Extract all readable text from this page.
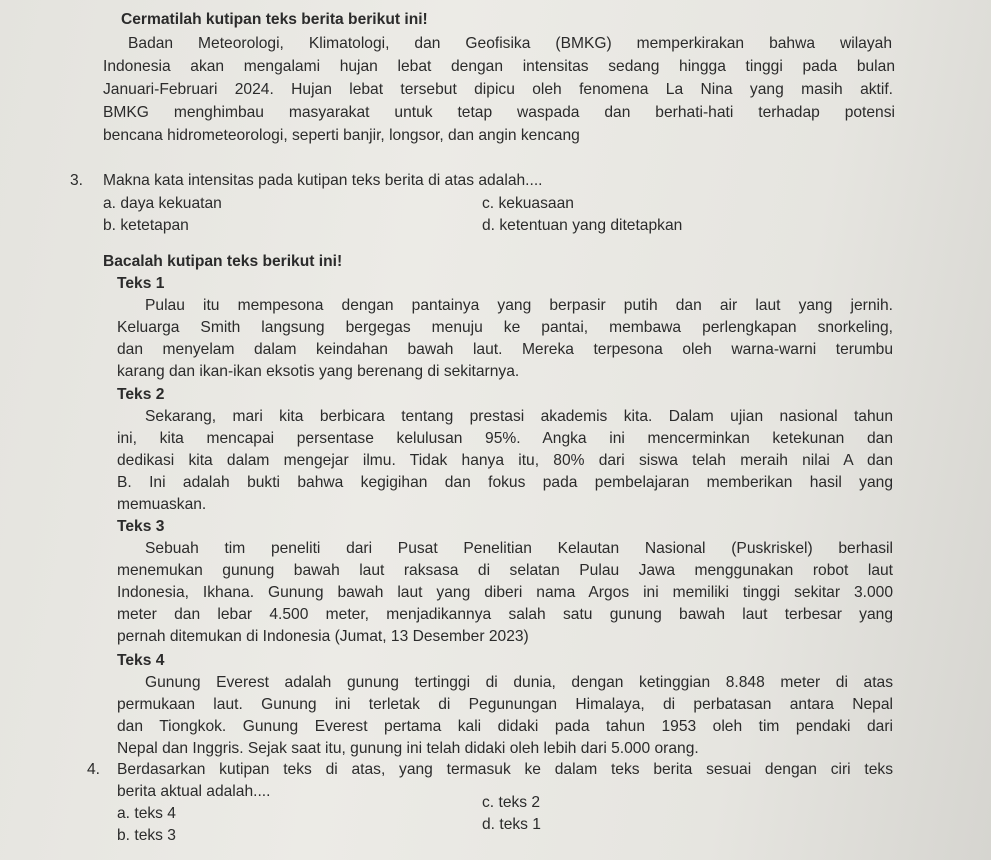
Cermatilah kutipan teks berita berikut ini!
Badan Meteorologi, Klimatologi, dan Geofisika (BMKG) memperkirakan bahwa wilayah
Indonesia akan mengalami hujan lebat dengan intensitas sedang hingga tinggi pada bulan
Januari-Februari 2024. Hujan lebat tersebut dipicu oleh fenomena La Nina yang masih aktif.
BMKG menghimbau masyarakat untuk tetap waspada dan berhati-hati terhadap potensi
bencana hidrometeorologi, seperti banjir, longsor, dan angin kencang
3. Makna kata intensitas pada kutipan teks berita di atas adalah....
a. daya kekuatan	c. kekuasaan
b. ketetapan	d. ketentuan yang ditetapkan
Bacalah kutipan teks berikut ini!
Teks 1
Pulau itu mempesona dengan pantainya yang berpasir putih dan air laut yang jernih.
Keluarga Smith langsung bergegas menuju ke pantai, membawa perlengkapan snorkeling,
dan menyelam dalam keindahan bawah laut. Mereka terpesona oleh warna-warni terumbu
karang dan ikan-ikan eksotis yang berenang di sekitarnya.
Teks 2
Sekarang, mari kita berbicara tentang prestasi akademis kita. Dalam ujian nasional tahun
ini, kita mencapai persentase kelulusan 95%. Angka ini mencerminkan ketekunan dan
dedikasi kita dalam mengejar ilmu. Tidak hanya itu, 80% dari siswa telah meraih nilai A dan
B. Ini adalah bukti bahwa kegigihan dan fokus pada pembelajaran memberikan hasil yang
memuaskan.
Teks 3
Sebuah tim peneliti dari Pusat Penelitian Kelautan Nasional (Puskriskel) berhasil
menemukan gunung bawah laut raksasa di selatan Pulau Jawa menggunakan robot laut
Indonesia, Ikhana. Gunung bawah laut yang diberi nama Argos ini memiliki tinggi sekitar 3.000
meter dan lebar 4.500 meter, menjadikannya salah satu gunung bawah laut terbesar yang
pernah ditemukan di Indonesia (Jumat, 13 Desember 2023)
Teks 4
Gunung Everest adalah gunung tertinggi di dunia, dengan ketinggian 8.848 meter di atas
permukaan laut. Gunung ini terletak di Pegunungan Himalaya, di perbatasan antara Nepal
dan Tiongkok. Gunung Everest pertama kali didaki pada tahun 1953 oleh tim pendaki dari
Nepal dan Inggris. Sejak saat itu, gunung ini telah didaki oleh lebih dari 5.000 orang.
4. Berdasarkan kutipan teks di atas, yang termasuk ke dalam teks berita sesuai dengan ciri teks
berita aktual adalah....
a. teks 4
c. teks 2
b. teks 3
d. teks 1
